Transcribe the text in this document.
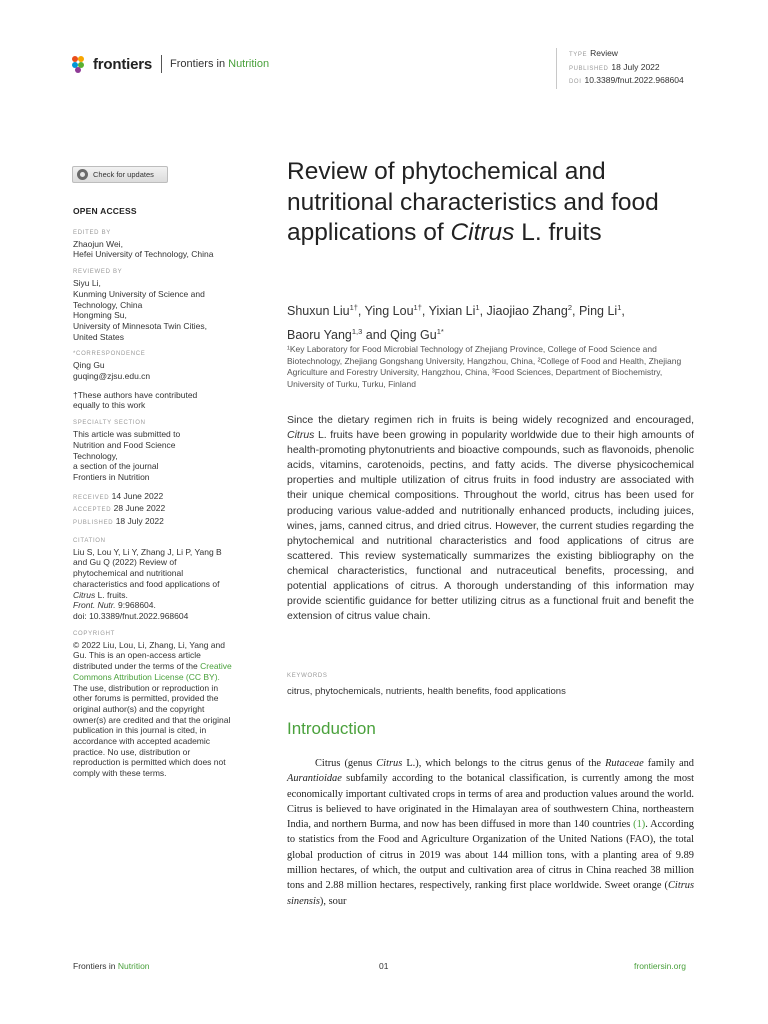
frontiers Frontiers in Nutrition
TYPE Review
PUBLISHED 18 July 2022
DOI 10.3389/fnut.2022.968604
Check for updates
OPEN ACCESS
EDITED BY
Zhaojun Wei,
Hefei University of Technology, China
REVIEWED BY
Siyu Li,
Kunming University of Science and
Technology, China
Hongming Su,
University of Minnesota Twin Cities,
United States
*CORRESPONDENCE
Qing Gu
guqing@zjsu.edu.cn
†These authors have contributed equally to this work
SPECIALTY SECTION
This article was submitted to
Nutrition and Food Science
Technology,
a section of the journal
Frontiers in Nutrition
RECEIVED 14 June 2022
ACCEPTED 28 June 2022
PUBLISHED 18 July 2022
CITATION
Liu S, Lou Y, Li Y, Zhang J, Li P, Yang B and Gu Q (2022) Review of phytochemical and nutritional characteristics and food applications of Citrus L. fruits.
Front. Nutr. 9:968604.
doi: 10.3389/fnut.2022.968604
COPYRIGHT
© 2022 Liu, Lou, Li, Zhang, Li, Yang and Gu. This is an open-access article distributed under the terms of the Creative Commons Attribution License (CC BY). The use, distribution or reproduction in other forums is permitted, provided the original author(s) and the copyright owner(s) are credited and that the original publication in this journal is cited, in accordance with accepted academic practice. No use, distribution or reproduction is permitted which does not comply with these terms.
Review of phytochemical and nutritional characteristics and food applications of Citrus L. fruits
Shuxun Liu$^{1\dagger}$, Ying Lou$^{1\dagger}$, Yixian Li$^1$, Jiaojiao Zhang$^2$, Ping Li$^1$,
Baoru Yang$^{1,3}$ and Qing $Gu^{1*}$
¹Key Laboratory for Food Microbial Technology of Zhejiang Province, College of Food Science and Biotechnology, Zhejiang Gongshang University, Hangzhou, China, ²College of Food and Health, Zhejiang Agriculture and Forestry University, Hangzhou, China, ³Food Sciences, Department of Biochemistry, University of Turku, Turku, Finland
Since the dietary regimen rich in fruits is being widely recognized and encouraged, Citrus L. fruits have been growing in popularity worldwide due to their high amounts of health-promoting phytonutrients and bioactive compounds, such as flavonoids, phenolic acids, vitamins, carotenoids, pectins, and fatty acids. The diverse physicochemical properties and multiple utilization of citrus fruits in food industry are associated with their unique chemical compositions. Throughout the world, citrus has been used for producing various value-added and nutritionally enhanced products, including juices, wines, jams, canned citrus, and dried citrus. However, the current studies regarding the phytochemical and nutritional characteristics and food applications of citrus are scattered. This review systematically summarizes the existing bibliography on the chemical characteristics, functional and nutraceutical benefits, processing, and potential applications of citrus. A thorough understanding of this information may provide scientific guidance for better utilizing citrus as a functional fruit and benefit the extension of citrus value chain.
KEYWORDS
citrus, phytochemicals, nutrients, health benefits, food applications
Introduction
Citrus (genus Citrus L.), which belongs to the citrus genus of the Rutaceae family and Aurantioidae subfamily according to the botanical classification, is currently among the most economically important cultivated crops in terms of area and production values around the world. Citrus is believed to have originated in the Himalayan area of southwestern China, northeastern India, and northern Burma, and now has been diffused in more than 140 countries (1). According to statistics from the Food and Agriculture Organization of the United Nations (FAO), the total global production of citrus in 2019 was about 144 million tons, with a planting area of 9.89 million hectares, of which, the output and cultivation area of citrus in China reached 38 million tons and 2.88 million hectares, respectively, ranking first place worldwide. Sweet orange (Citrus sinensis), sour
Frontiers in Nutrition	01	frontiersin.org
